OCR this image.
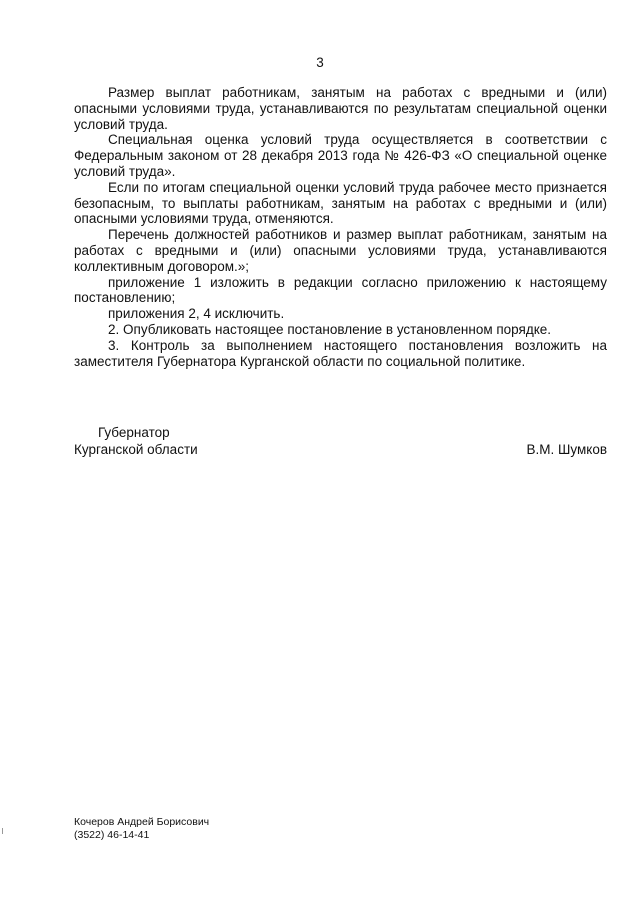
3

Размер выплат работникам, занятым на работах с вредными и (или) опасными условиями труда, устанавливаются по результатам специальной оценки условий труда.

Специальная оценка условий труда осуществляется в соответствии с Федеральным законом от 28 декабря 2013 года № 426-ФЗ «О специальной оценке условий труда».

Если по итогам специальной оценки условий труда рабочее место признается безопасным, то выплаты работникам, занятым на работах с вредными и (или) опасными условиями труда, отменяются.

Перечень должностей работников и размер выплат работникам, занятым на работах с вредными и (или) опасными условиями труда, устанавливаются коллективным договором.»;

приложение 1 изложить в редакции согласно приложению к настоящему постановлению;

приложения 2, 4 исключить.

2. Опубликовать настоящее постановление в установленном порядке.

3. Контроль за выполнением настоящего постановления возложить на заместителя Губернатора Курганской области по социальной политике.

Губернатор
Курганской области	В.М. Шумков
Кочеров Андрей Борисович
(3522) 46-14-41
